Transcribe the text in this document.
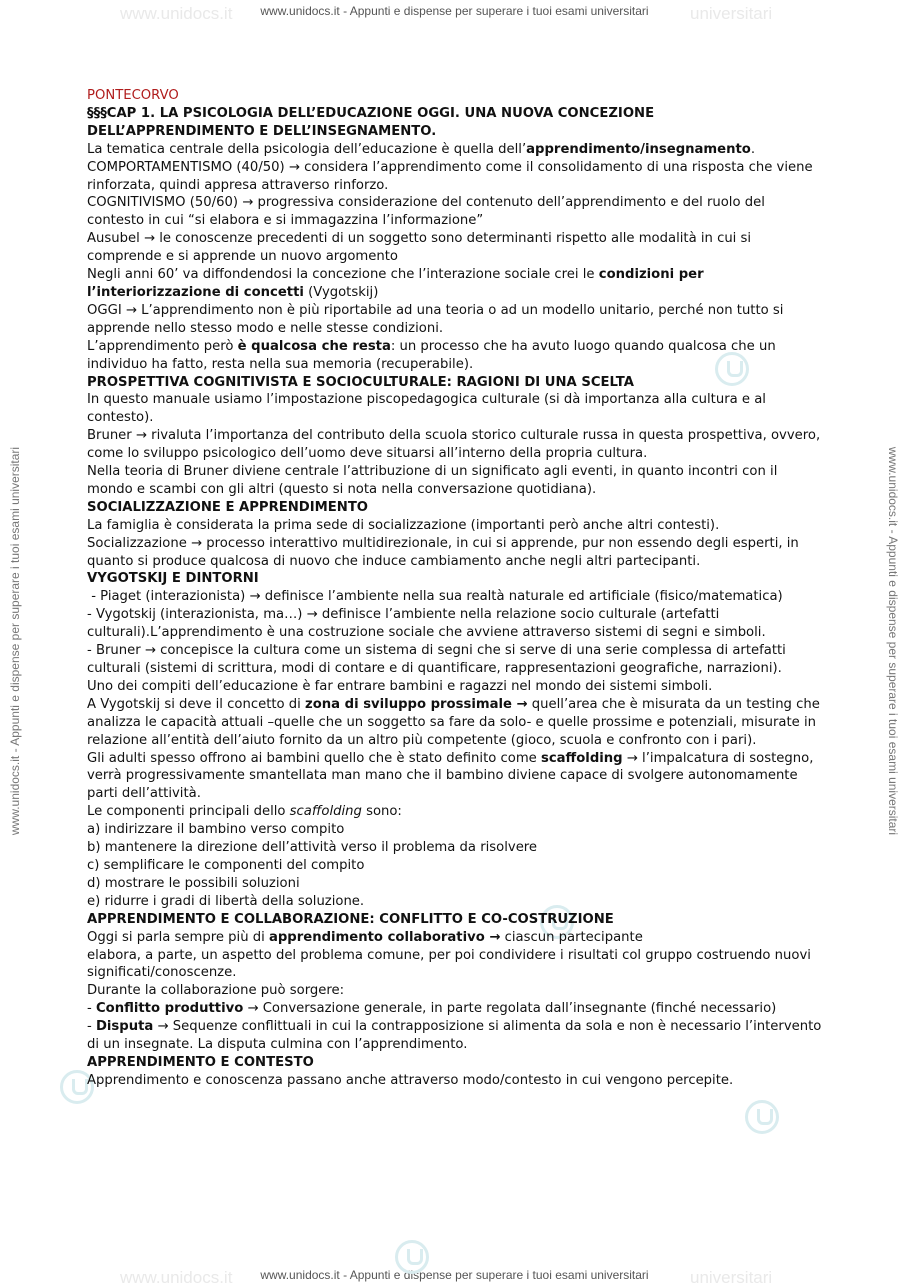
www.unidocs.it	universitari
www.unidocs.it - Appunti e dispense per superare i tuoi esami universitari
www.unidocs.it	universitari
www.unidocs.it - Appunti e dispense per superare i tuoi esami universitari
www.unidocs.it - Appunti e dispense per superare i tuoi esami universitari	www.unidocs.it - Appunti e dispense per superare i tuoi esami universitari

PONTECORVO

§§§CAP 1. LA PSICOLOGIA DELL’EDUCAZIONE OGGI. UNA NUOVA CONCEZIONE DELL’APPRENDIMENTO E DELL’INSEGNAMENTO.

La tematica centrale della psicologia dell’educazione è quella dell’apprendimento/insegnamento.

COMPORTAMENTISMO (40/50) → considera l’apprendimento come il consolidamento di una risposta che viene rinforzata, quindi appresa attraverso rinforzo.

COGNITIVISMO (50/60) → progressiva considerazione del contenuto dell’apprendimento e del ruolo del contesto in cui “si elabora e si immagazzina l’informazione”

Ausubel → le conoscenze precedenti di un soggetto sono determinanti rispetto alle modalità in cui si comprende e si apprende un nuovo argomento

Negli anni 60’ va diffondendosi la concezione che l’interazione sociale crei le condizioni per l’interiorizzazione di concetti (Vygotskij)

OGGI → L’apprendimento non è più riportabile ad una teoria o ad un modello unitario, perché non tutto si apprende nello stesso modo e nelle stesse condizioni.

L’apprendimento però è qualcosa che resta: un processo che ha avuto luogo quando qualcosa che un individuo ha fatto, resta nella sua memoria (recuperabile).

PROSPETTIVA COGNITIVISTA E SOCIOCULTURALE: RAGIONI DI UNA SCELTA

In questo manuale usiamo l’impostazione piscopedagogica culturale (si dà importanza alla cultura e al contesto).

Bruner → rivaluta l’importanza del contributo della scuola storico culturale russa in questa prospettiva, ovvero, come lo sviluppo psicologico dell’uomo deve situarsi all’interno della propria cultura.

Nella teoria di Bruner diviene centrale l’attribuzione di un significato agli eventi, in quanto incontri con il mondo e scambi con gli altri (questo si nota nella conversazione quotidiana).

SOCIALIZZAZIONE E APPRENDIMENTO

La famiglia è considerata la prima sede di socializzazione (importanti però anche altri contesti).

Socializzazione → processo interattivo multidirezionale, in cui si apprende, pur non essendo degli esperti, in quanto si produce qualcosa di nuovo che induce cambiamento anche negli altri partecipanti.

VYGOTSKIJ E DINTORNI

- Piaget (interazionista) → definisce l’ambiente nella sua realtà naturale ed artificiale (fisico/matematica)

- Vygotskij (interazionista, ma…) → definisce l’ambiente nella relazione socio culturale (artefatti culturali).L’apprendimento è una costruzione sociale che avviene attraverso sistemi di segni e simboli.

- Bruner → concepisce la cultura come un sistema di segni che si serve di una serie complessa di artefatti culturali (sistemi di scrittura, modi di contare e di quantificare, rappresentazioni geografiche, narrazioni).

Uno dei compiti dell’educazione è far entrare bambini e ragazzi nel mondo dei sistemi simboli.

A Vygotskij si deve il concetto di zona di sviluppo prossimale → quell’area che è misurata da un testing che analizza le capacità attuali –quelle che un soggetto sa fare da solo- e quelle prossime e potenziali, misurate in relazione all’entità dell’aiuto fornito da un altro più competente (gioco, scuola e confronto con i pari).

Gli adulti spesso offrono ai bambini quello che è stato definito come scaffolding → l’impalcatura di sostegno, verrà progressivamente smantellata man mano che il bambino diviene capace di svolgere autonomamente parti dell’attività.

Le componenti principali dello scaffolding sono:

a) indirizzare il bambino verso compito

b) mantenere la direzione dell’attività verso il problema da risolvere

c) semplificare le componenti del compito

d) mostrare le possibili soluzioni

e) ridurre i gradi di libertà della soluzione.

APPRENDIMENTO E COLLABORAZIONE: CONFLITTO E CO-COSTRUZIONE

Oggi si parla sempre più di apprendimento collaborativo → ciascun partecipante

elabora, a parte, un aspetto del problema comune, per poi condividere i risultati col gruppo costruendo nuovi significati/conoscenze.

Durante la collaborazione può sorgere:

- Conflitto produttivo → Conversazione generale, in parte regolata dall’insegnante (finché necessario)

- Disputa → Sequenze conflittuali in cui la contrapposizione si alimenta da sola e non è necessario l’intervento di un insegnate. La disputa culmina con l’apprendimento.

APPRENDIMENTO E CONTESTO

Apprendimento e conoscenza passano anche attraverso modo/contesto in cui vengono percepite.
